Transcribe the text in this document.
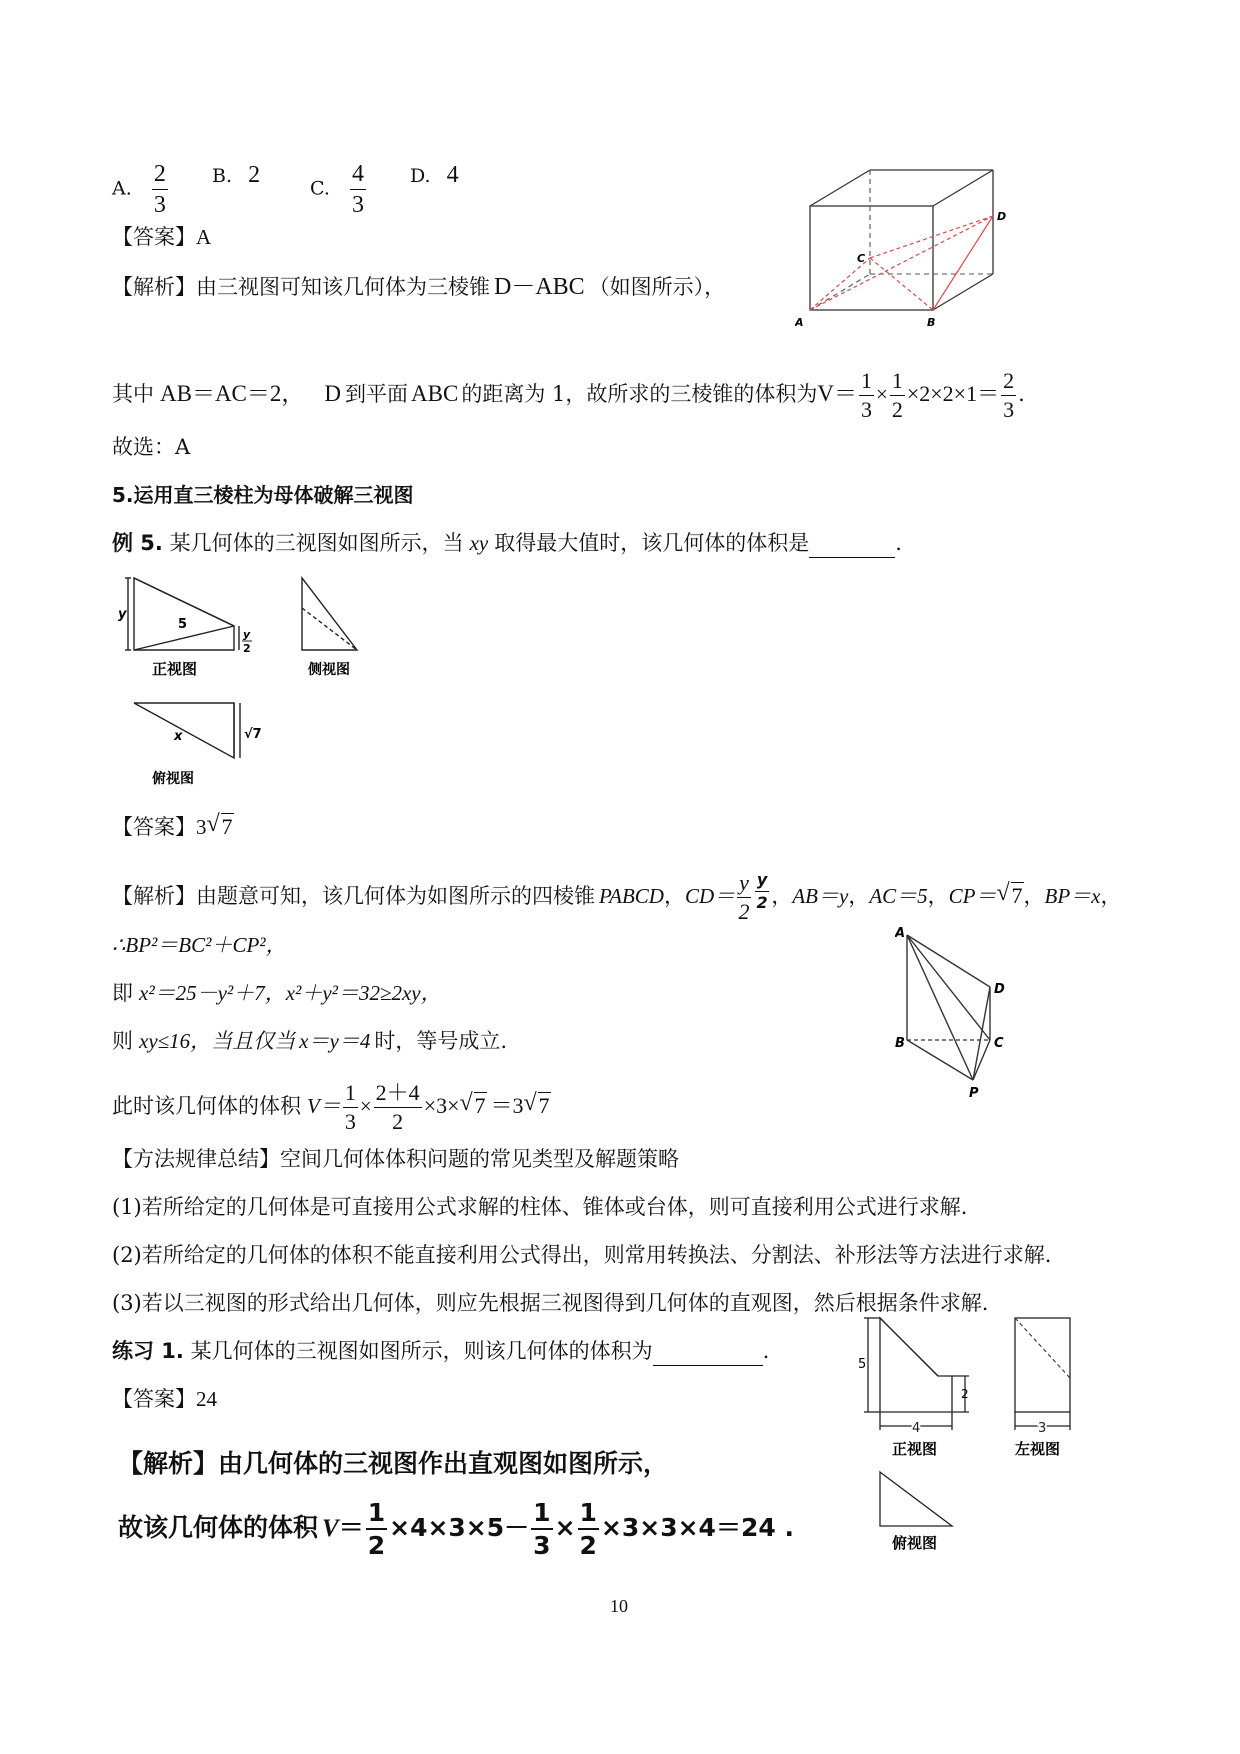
A. $\frac{2}{3} B$. 2
C. $\frac{4}{3} D$. 4
【答案】A
【解析】由三视图可知该几何体为三棱锥 D－ABC （如图所示），
A	B
C
D
其中 AB＝AC＝2， D 到平面 ABC 的距离为 1，故所求的三棱锥的体积为$V= \frac{1}{3} \times \frac{1}{2} \times 2\times 2\times 1= \frac{2}{3}$ .
故选：A
5.运用直三棱柱为母体破解三视图
例 5. 某几何体的三视图如图所示，当 xy 取得最大值时，该几何体的体积是	.
y
5
y
2
x	√7
正视图	侧视图
俯视图
【答案】3√ 7
【解析】由题意可知，该几何体为如图所示的四棱锥 PABCD，$CD= \frac{y}{2} \frac{y}{2}$ ，AB＝y，AC＝5，CP＝√ 7，BP＝x，
∴BP²＝BC²＋CP²，
即 x²＝25－y²＋7，x²＋y²＝32≥2xy，
则 xy≤16，当且仅当 x＝y＝4 时，等号成立.
此时该几何体的体积 $V= \frac{1}{3} \times \frac{2+4}{2} \times 3\times√$ 7 ＝3√ 7
A
B	C
D
P
【方法规律总结】空间几何体体积问题的常见类型及解题策略
(1)若所给定的几何体是可直接用公式求解的柱体、锥体或台体，则可直接利用公式进行求解.
(2)若所给定的几何体的体积不能直接利用公式得出，则常用转换法、分割法、补形法等方法进行求解.
(3)若以三视图的形式给出几何体，则应先根据三视图得到几何体的直观图，然后根据条件求解.
练习 1. 某几何体的三视图如图所示，则该几何体的体积为	.
【答案】24
5
2
4	3
正视图	左视图
俯视图
【解析】由几何体的三视图作出直观图如图所示，
故该几何体的体积 $V= \frac{1}{2} \times 4\times 3\times 5- \frac{1}{3} \times \frac{1}{2} \times 3\times 3\times 4=24$ .
10
